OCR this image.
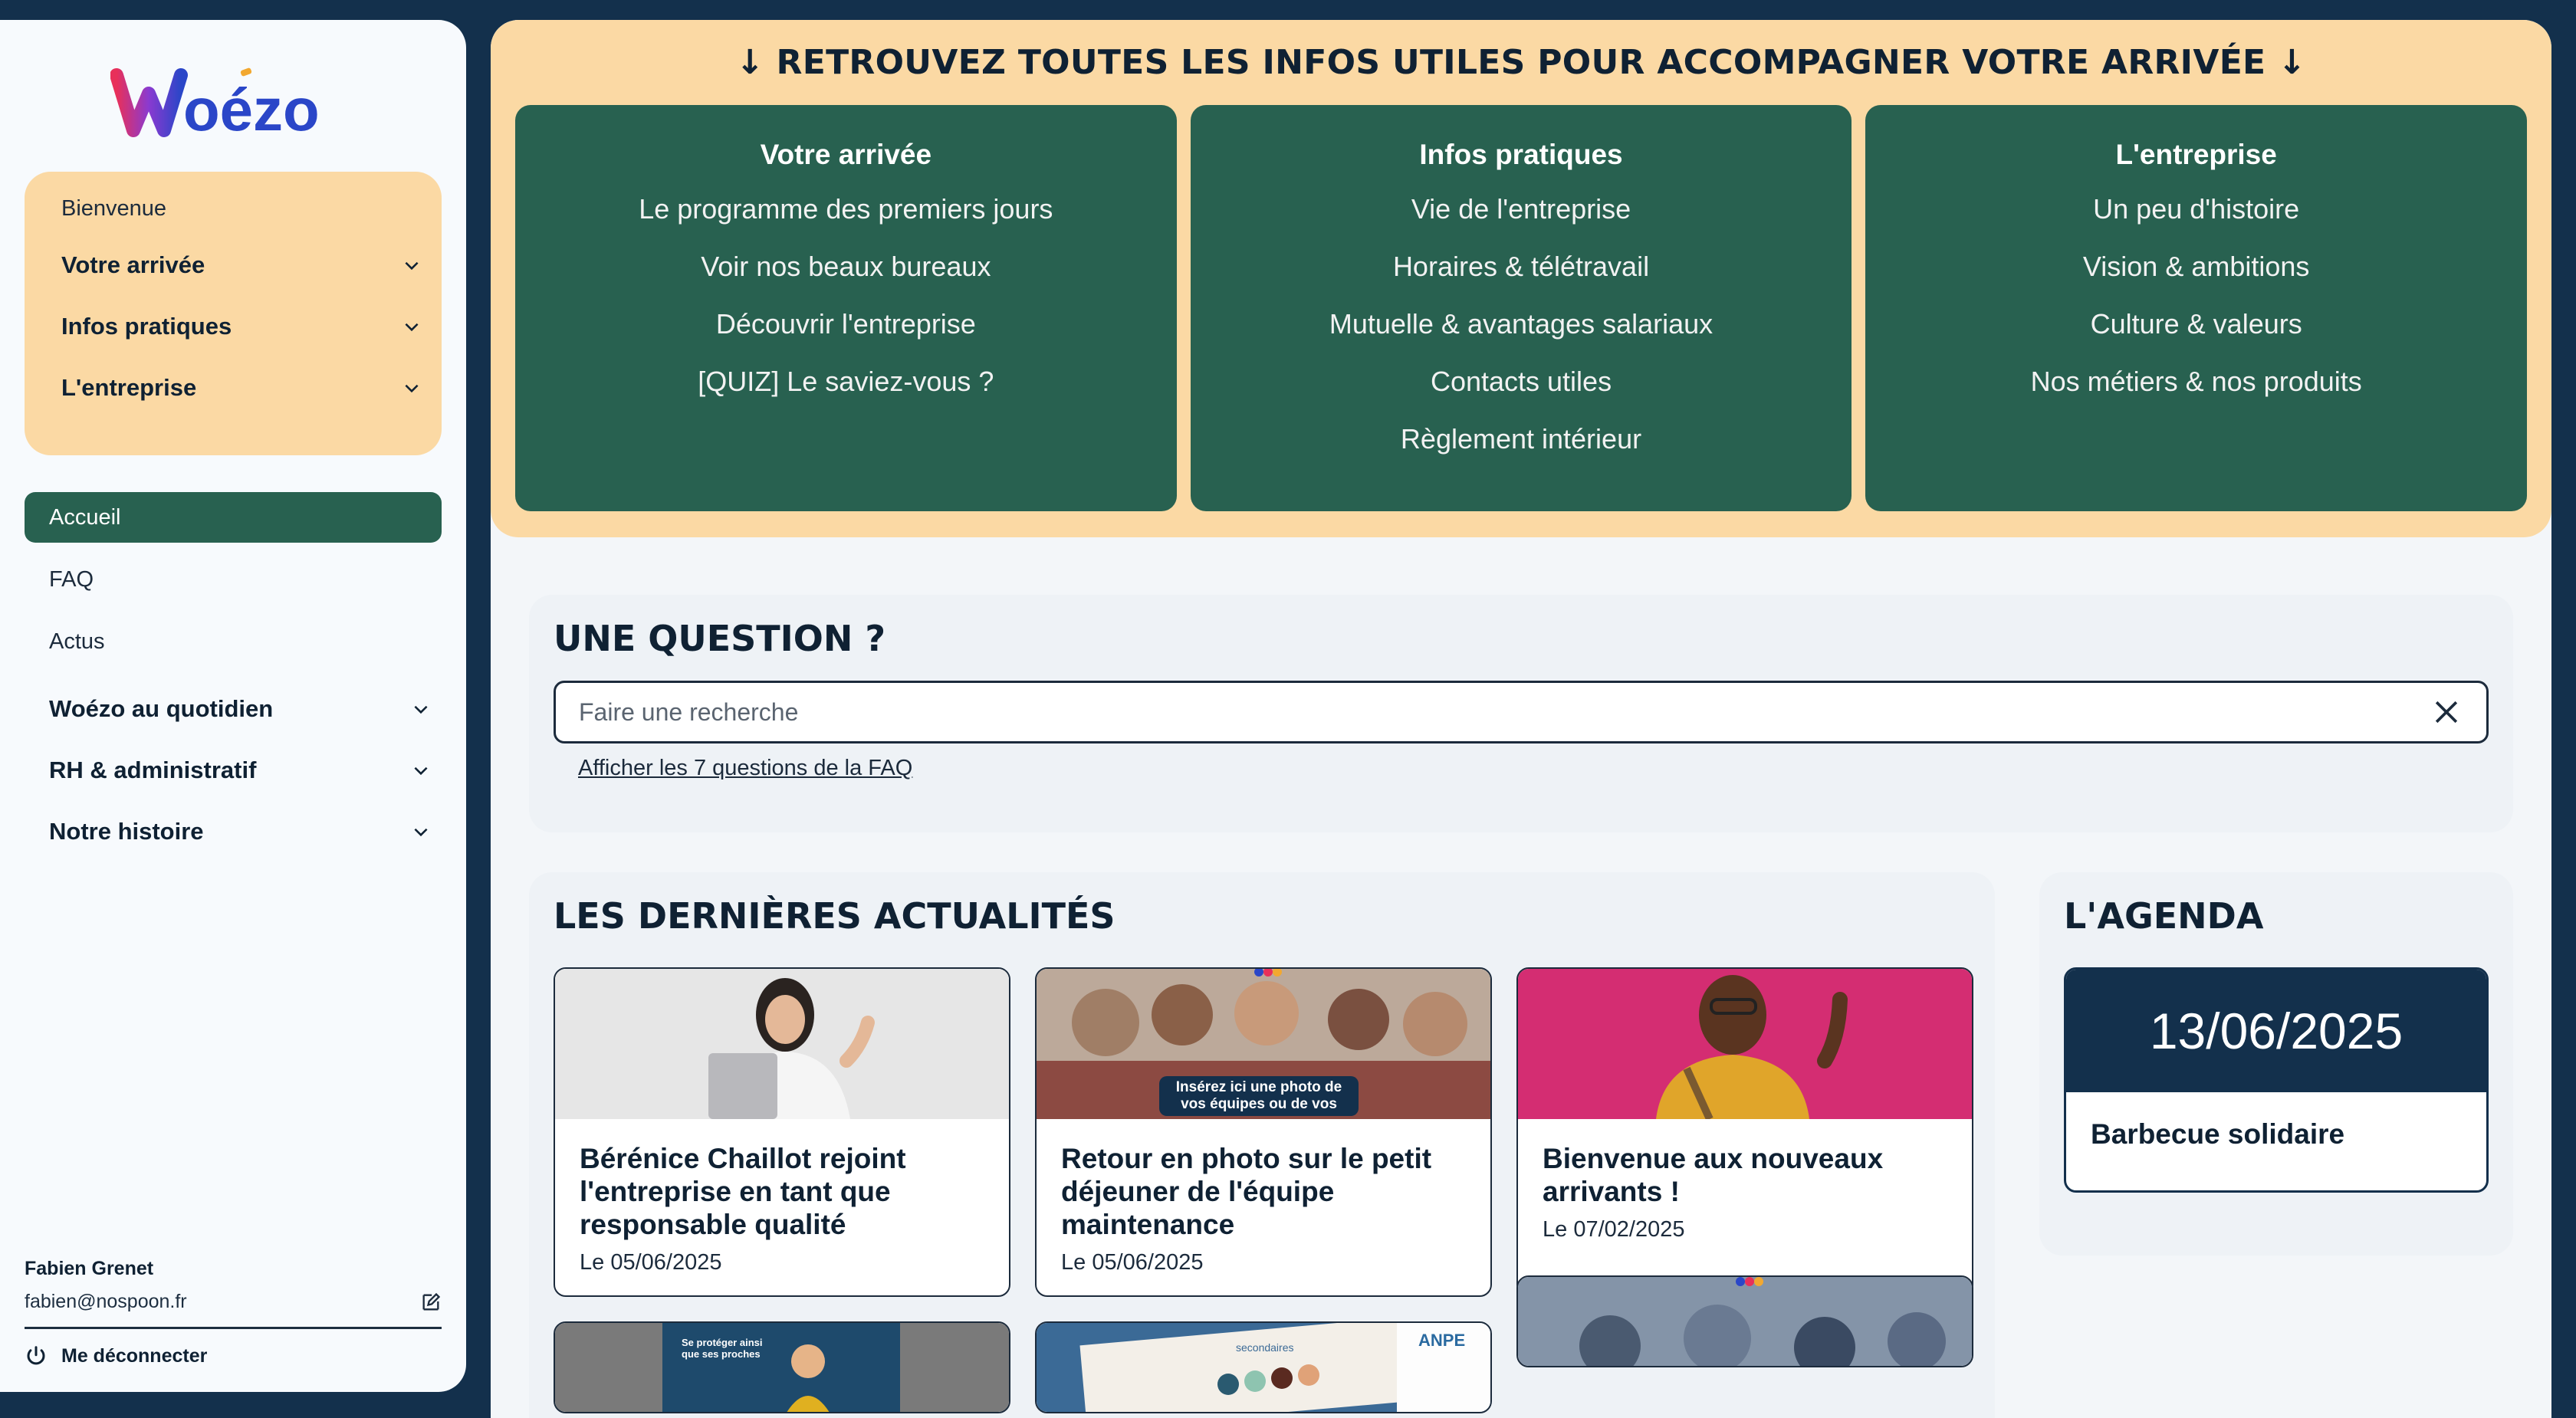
oézo
Bienvenue
Votre arrivée
Infos pratiques
L'entreprise
Accueil
FAQ
Actus
Woézo au quotidien
RH & administratif
Notre histoire
Fabien Grenet
fabien@nospoon.fr
Me déconnecter
↓ RETROUVEZ TOUTES LES INFOS UTILES POUR ACCOMPAGNER VOTRE ARRIVÉE ↓
Votre arrivée
Le programme des premiers jours
Voir nos beaux bureaux
Découvrir l'entreprise
[QUIZ] Le saviez-vous ?
Infos pratiques
Vie de l'entreprise
Horaires & télétravail
Mutuelle & avantages salariaux
Contacts utiles
Règlement intérieur
L'entreprise
Un peu d'histoire
Vision & ambitions
Culture & valeurs
Nos métiers & nos produits
UNE QUESTION ?
Faire une recherche
Afficher les 7 questions de la FAQ
LES DERNIÈRES ACTUALITÉS
Bérénice Chaillot rejoint l'entreprise en tant que responsable qualité
Le 05/06/2025
Insérez ici une photo de vos équipes ou de vos
Retour en photo sur le petit déjeuner de l'équipe maintenance
Le 05/06/2025
Bienvenue aux nouveaux arrivants !
Le 07/02/2025
Se protéger ainsi que ses proches
secondaires	ANPE
L'AGENDA
13/06/2025
Barbecue solidaire
